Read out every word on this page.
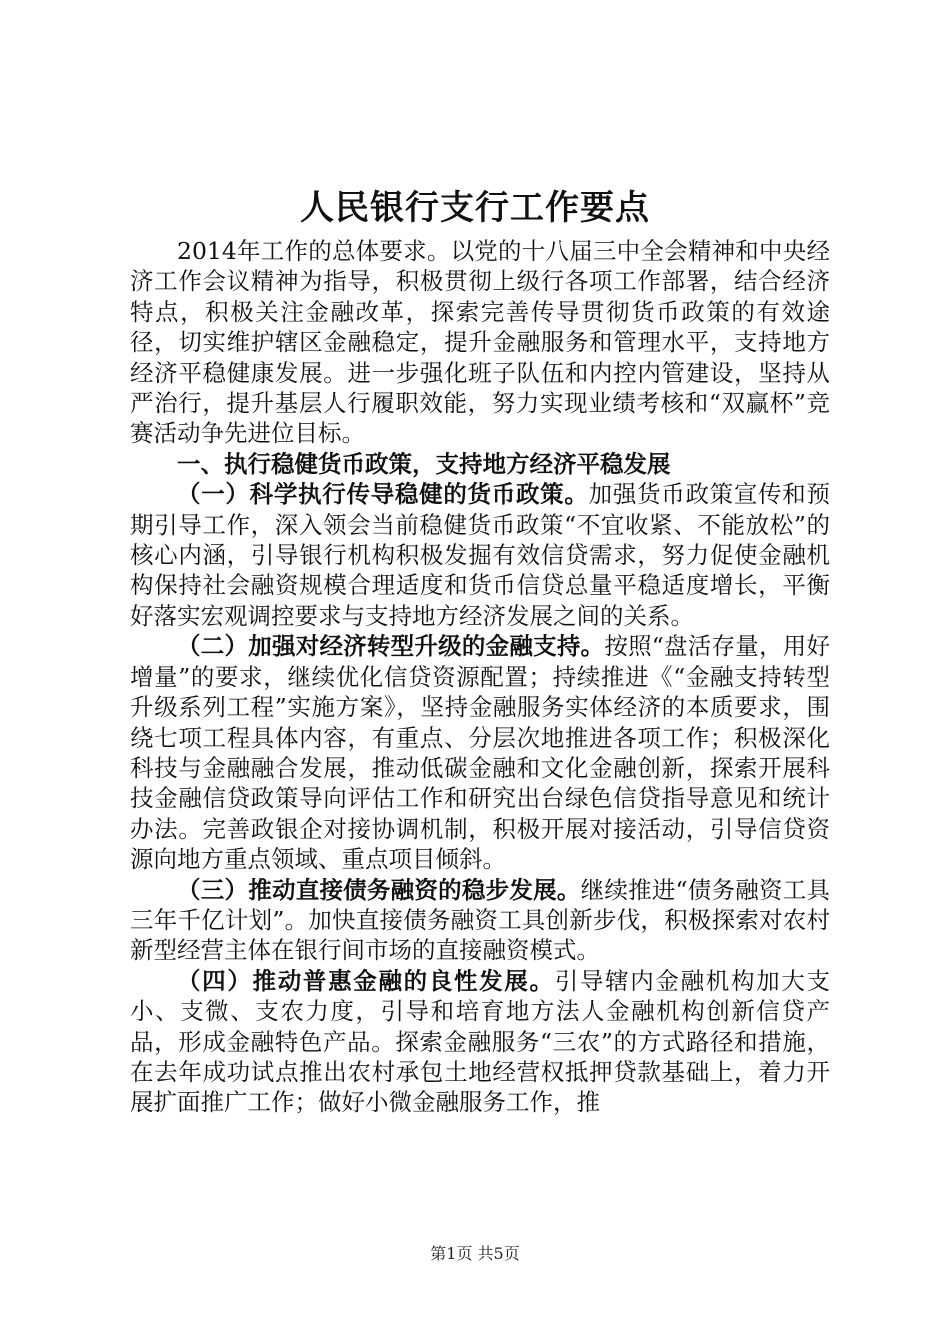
人民银行支行工作要点

2014年工作的总体要求。以党的十八届三中全会精神和中央经济工作会议精神为指导，积极贯彻上级行各项工作部署，结合经济特点，积极关注金融改革，探索完善传导贯彻货币政策的有效途径，切实维护辖区金融稳定，提升金融服务和管理水平，支持地方经济平稳健康发展。进一步强化班子队伍和内控内管建设，坚持从严治行，提升基层人行履职效能，努力实现业绩考核和“双赢杯”竞赛活动争先进位目标。

一、执行稳健货币政策，支持地方经济平稳发展

（一）科学执行传导稳健的货币政策。加强货币政策宣传和预期引导工作，深入领会当前稳健货币政策“不宜收紧、不能放松”的核心内涵，引导银行机构积极发掘有效信贷需求，努力促使金融机构保持社会融资规模合理适度和货币信贷总量平稳适度增长，平衡好落实宏观调控要求与支持地方经济发展之间的关系。

（二）加强对经济转型升级的金融支持。按照“盘活存量，用好增量”的要求，继续优化信贷资源配置；持续推进《“金融支持转型升级系列工程”实施方案》，坚持金融服务实体经济的本质要求，围绕七项工程具体内容，有重点、分层次地推进各项工作；积极深化科技与金融融合发展，推动低碳金融和文化金融创新，探索开展科技金融信贷政策导向评估工作和研究出台绿色信贷指导意见和统计办法。完善政银企对接协调机制，积极开展对接活动，引导信贷资源向地方重点领域、重点项目倾斜。

（三）推动直接债务融资的稳步发展。继续推进“债务融资工具三年千亿计划”。加快直接债务融资工具创新步伐，积极探索对农村新型经营主体在银行间市场的直接融资模式。

（四）推动普惠金融的良性发展。引导辖内金融机构加大支小、支微、支农力度，引导和培育地方法人金融机构创新信贷产品，形成金融特色产品。探索金融服务“三农”的方式路径和措施，在去年成功试点推出农村承包土地经营权抵押贷款基础上，着力开展扩面推广工作；做好小微金融服务工作，推

第1页 共5页
